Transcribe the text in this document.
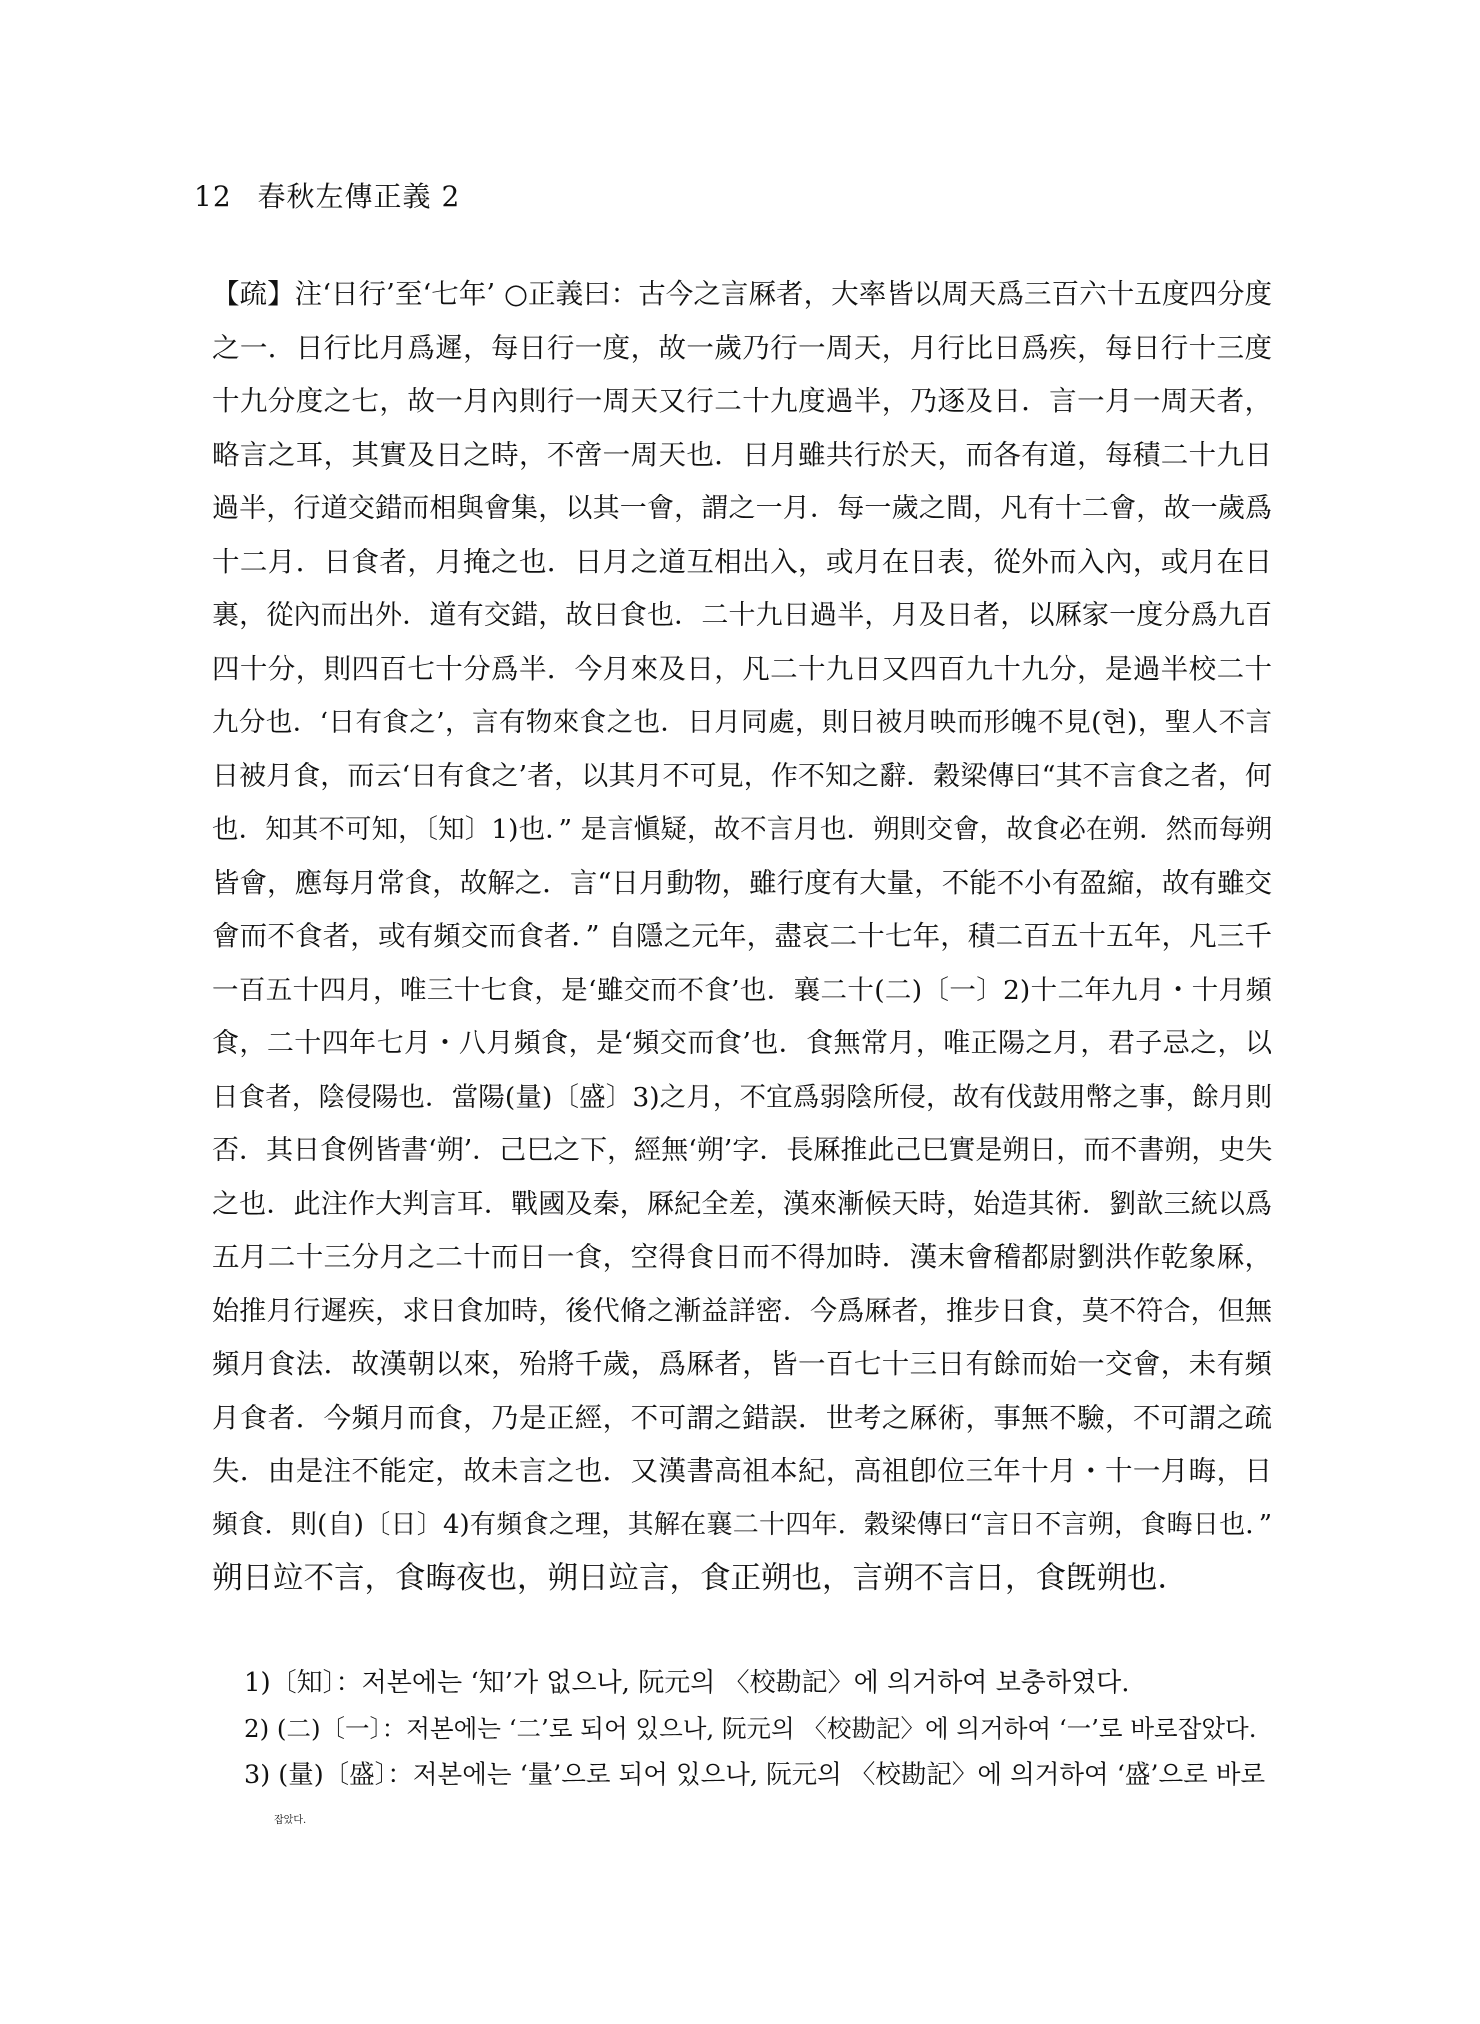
12 春秋左傳正義 2
【疏】注‘日行’至‘七年’ ○正義曰：古今之言厤者，大率皆以周天爲三百六十五度四分度
之一．日行比月爲遲，每日行一度，故一歲乃行一周天，月行比日爲疾，每日行十三度
十九分度之七，故一月內則行一周天又行二十九度過半，乃逐及日．言一月一周天者，
略言之耳，其實及日之時，不啻一周天也．日月雖共行於天，而各有道，每積二十九日
過半，行道交錯而相與會集，以其一會，謂之一月．每一歲之間，凡有十二會，故一歲爲
十二月．日食者，月掩之也．日月之道互相出入，或月在日表，從外而入內，或月在日
裏，從內而出外．道有交錯，故日食也．二十九日過半，月及日者，以厤家一度分爲九百
四十分，則四百七十分爲半．今月來及日，凡二十九日又四百九十九分，是過半校二十
九分也．‘日有食之’，言有物來食之也．日月同處，則日被月映而形魄不見(현)，聖人不言
日被月食，而云‘日有食之’者，以其月不可見，作不知之辭．穀梁傳曰“其不言食之者，何
也．知其不可知，〔知〕1)也．” 是言愼疑，故不言月也．朔則交會，故食必在朔．然而每朔
皆會，應每月常食，故解之．言“日月動物，雖行度有大量，不能不小有盈縮，故有雖交
會而不食者，或有頻交而食者．” 自隱之元年，盡哀二十七年，積二百五十五年，凡三千
一百五十四月，唯三十七食，是‘雖交而不食’也．襄二十(二)〔一〕2)十二年九月・十月頻
食，二十四年七月・八月頻食，是‘頻交而食’也．食無常月，唯正陽之月，君子忌之，以
日食者，陰侵陽也．當陽(量)〔盛〕3)之月，不宜爲弱陰所侵，故有伐鼓用幣之事，餘月則
否．其日食例皆書‘朔’．己巳之下，經無‘朔’字．長厤推此己巳實是朔日，而不書朔，史失
之也．此注作大判言耳．戰國及秦，厤紀全差，漢來漸候天時，始造其術．劉歆三統以爲
五月二十三分月之二十而日一食，空得食日而不得加時．漢末會稽都尉劉洪作乾象厤，
始推月行遲疾，求日食加時，後代脩之漸益詳密．今爲厤者，推步日食，莫不符合，但無
頻月食法．故漢朝以來，殆將千歲，爲厤者，皆一百七十三日有餘而始一交會，未有頻
月食者．今頻月而食，乃是正經，不可謂之錯誤．世考之厤術，事無不驗，不可謂之疏
失．由是注不能定，故未言之也．又漢書高祖本紀，高祖卽位三年十月・十一月晦，日
頻食．則(自)〔日〕4)有頻食之理，其解在襄二十四年．穀梁傳曰“言日不言朔，食晦日也．”
朔日竝不言，食晦夜也，朔日竝言，食正朔也，言朔不言日，食旣朔也．
1)〔知〕：저본에는 ‘知’가 없으나, 阮元의 〈校勘記〉에 의거하여 보충하였다.
2) (二)〔一〕：저본에는 ‘二’로 되어 있으나, 阮元의 〈校勘記〉에 의거하여 ‘一’로 바로잡았다.
3) (量)〔盛〕：저본에는 ‘量’으로 되어 있으나, 阮元의 〈校勘記〉에 의거하여 ‘盛’으로 바로
잡았다.
